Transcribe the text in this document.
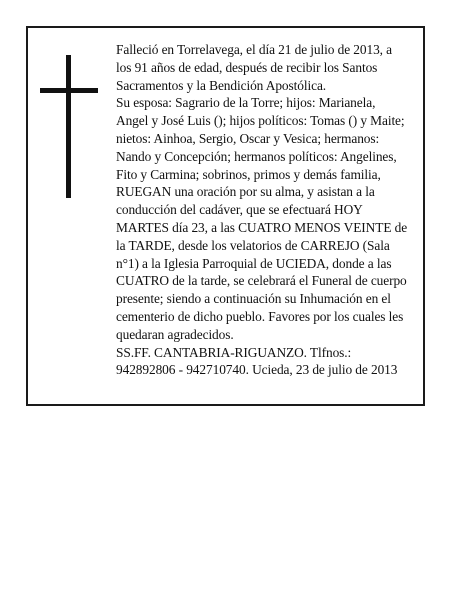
Falleció en Torrelavega, el día 21 de julio de 2013, a

los 91 años de edad, después de recibir los Santos

Sacramentos y la Bendición Apostólica.

Su esposa: Sagrario de la Torre; hijos: Marianela,

Angel y José Luis (); hijos políticos: Tomas () y Maite;

nietos: Ainhoa, Sergio, Oscar y Vesica; hermanos:

Nando y Concepción; hermanos políticos: Angelines,

Fito y Carmina; sobrinos, primos y demás familia,

RUEGAN una oración por su alma, y asistan a la

conducción del cadáver, que se efectuará HOY

MARTES día 23, a las CUATRO MENOS VEINTE de

la TARDE, desde los velatorios de CARREJO (Sala

n°1) a la Iglesia Parroquial de UCIEDA, donde a las

CUATRO de la tarde, se celebrará el Funeral de cuerpo

presente; siendo a continuación su Inhumación en el

cementerio de dicho pueblo. Favores por los cuales les

quedaran agradecidos.

SS.FF. CANTABRIA-RIGUANZO. Tlfnos.:

942892806 - 942710740. Ucieda, 23 de julio de 2013
